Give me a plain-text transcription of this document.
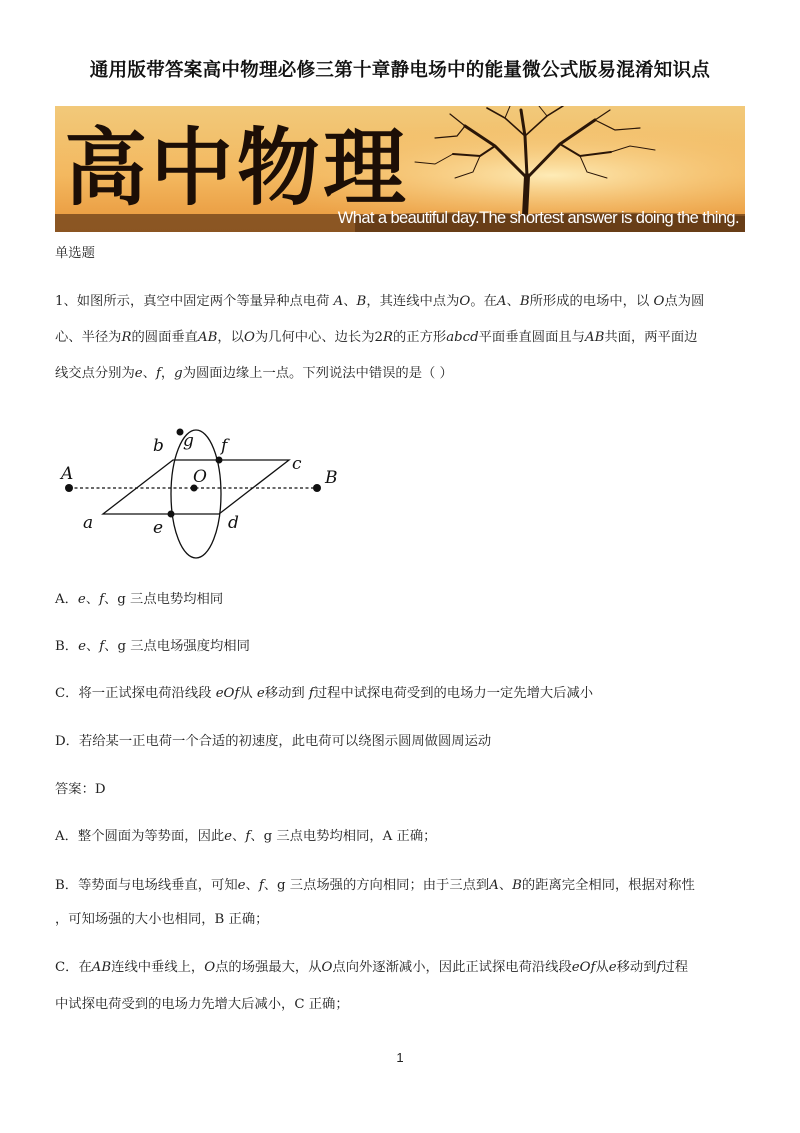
通用版带答案高中物理必修三第十章静电场中的能量微公式版易混淆知识点
高中物理
What a beautiful day.The shortest answer is doing the thing.
单选题
1、如图所示，真空中固定两个等量异种点电荷 A、B，其连线中点为O。在A、B所形成的电场中，以 O点为圆
心、半径为R的圆面垂直AB，以O为几何中心、边长为2R的正方形abcd平面垂直圆面且与AB共面，两平面边
线交点分别为e、f，g为圆面边缘上一点。下列说法中错误的是（ ）
A	B
O
a
b
c
d
e
f
g
A．e、f、g 三点电势均相同
B．e、f、g 三点电场强度均相同
C．将一正试探电荷沿线段 eOf从 e移动到 f过程中试探电荷受到的电场力一定先增大后减小
D．若给某一正电荷一个合适的初速度，此电荷可以绕图示圆周做圆周运动
答案：D
A．整个圆面为等势面，因此e、f、g 三点电势均相同，A 正确；
B．等势面与电场线垂直，可知e、f、g 三点场强的方向相同；由于三点到A、B的距离完全相同，根据对称性
，可知场强的大小也相同，B 正确；
C．在AB连线中垂线上，O点的场强最大，从O点向外逐渐减小，因此正试探电荷沿线段eOf从e移动到f过程
中试探电荷受到的电场力先增大后减小，C 正确；
1
